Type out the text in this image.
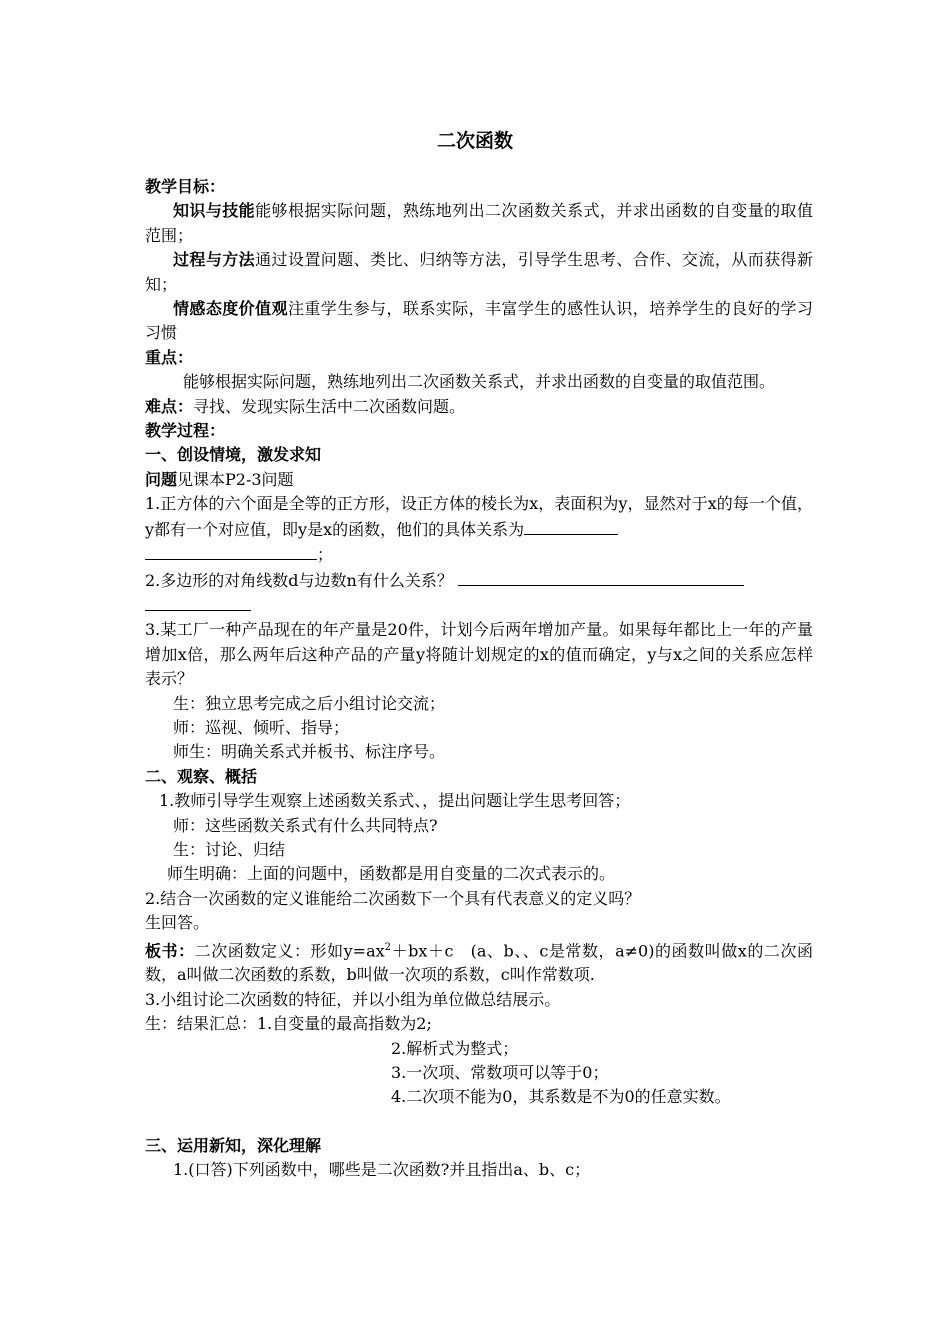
二次函数

教学目标：

知识与技能能够根据实际问题，熟练地列出二次函数关系式，并求出函数的自变量的取值范围；

过程与方法通过设置问题、类比、归纳等方法，引导学生思考、合作、交流，从而获得新知；

情感态度价值观注重学生参与，联系实际，丰富学生的感性认识，培养学生的良好的学习习惯

重点：

能够根据实际问题，熟练地列出二次函数关系式，并求出函数的自变量的取值范围。

难点：寻找、发现实际生活中二次函数问题。

教学过程：

一、创设情境，激发求知

问题见课本P2-3问题

1.正方体的六个面是全等的正方形，设正方体的棱长为x，表面积为y，显然对于x的每一个值，y都有一个对应值，即y是x的函数，他们的具体关系为
；

2.多边形的对角线数d与边数n有什么关系？

3.某工厂一种产品现在的年产量是20件，计划今后两年增加产量。如果每年都比上一年的产量增加x倍，那么两年后这种产品的产量y将随计划规定的x的值而确定，y与x之间的关系应怎样表示？

生：独立思考完成之后小组讨论交流；

师：巡视、倾听、指导；

师生：明确关系式并板书、标注序号。

二、观察、概括

1.教师引导学生观察上述函数关系式、，提出问题让学生思考回答；

师：这些函数关系式有什么共同特点?

生：讨论、归结

师生明确：上面的问题中，函数都是用自变量的二次式表示的。

2.结合一次函数的定义谁能给二次函数下一个具有代表意义的定义吗？

生回答。

板书：二次函数定义：形如$y=ax^2+bx+c$　(a、b、、c是常数，a≠0)的函数叫做x的二次函数，a叫做二次函数的系数，b叫做一次项的系数，c叫作常数项.

3.小组讨论二次函数的特征，并以小组为单位做总结展示。

生：结果汇总：1.自变量的最高指数为2;

2.解析式为整式；

3.一次项、常数项可以等于0；

4.二次项不能为0，其系数是不为0的任意实数。

三、运用新知，深化理解

1.(口答)下列函数中，哪些是二次函数?并且指出a、b、c；
